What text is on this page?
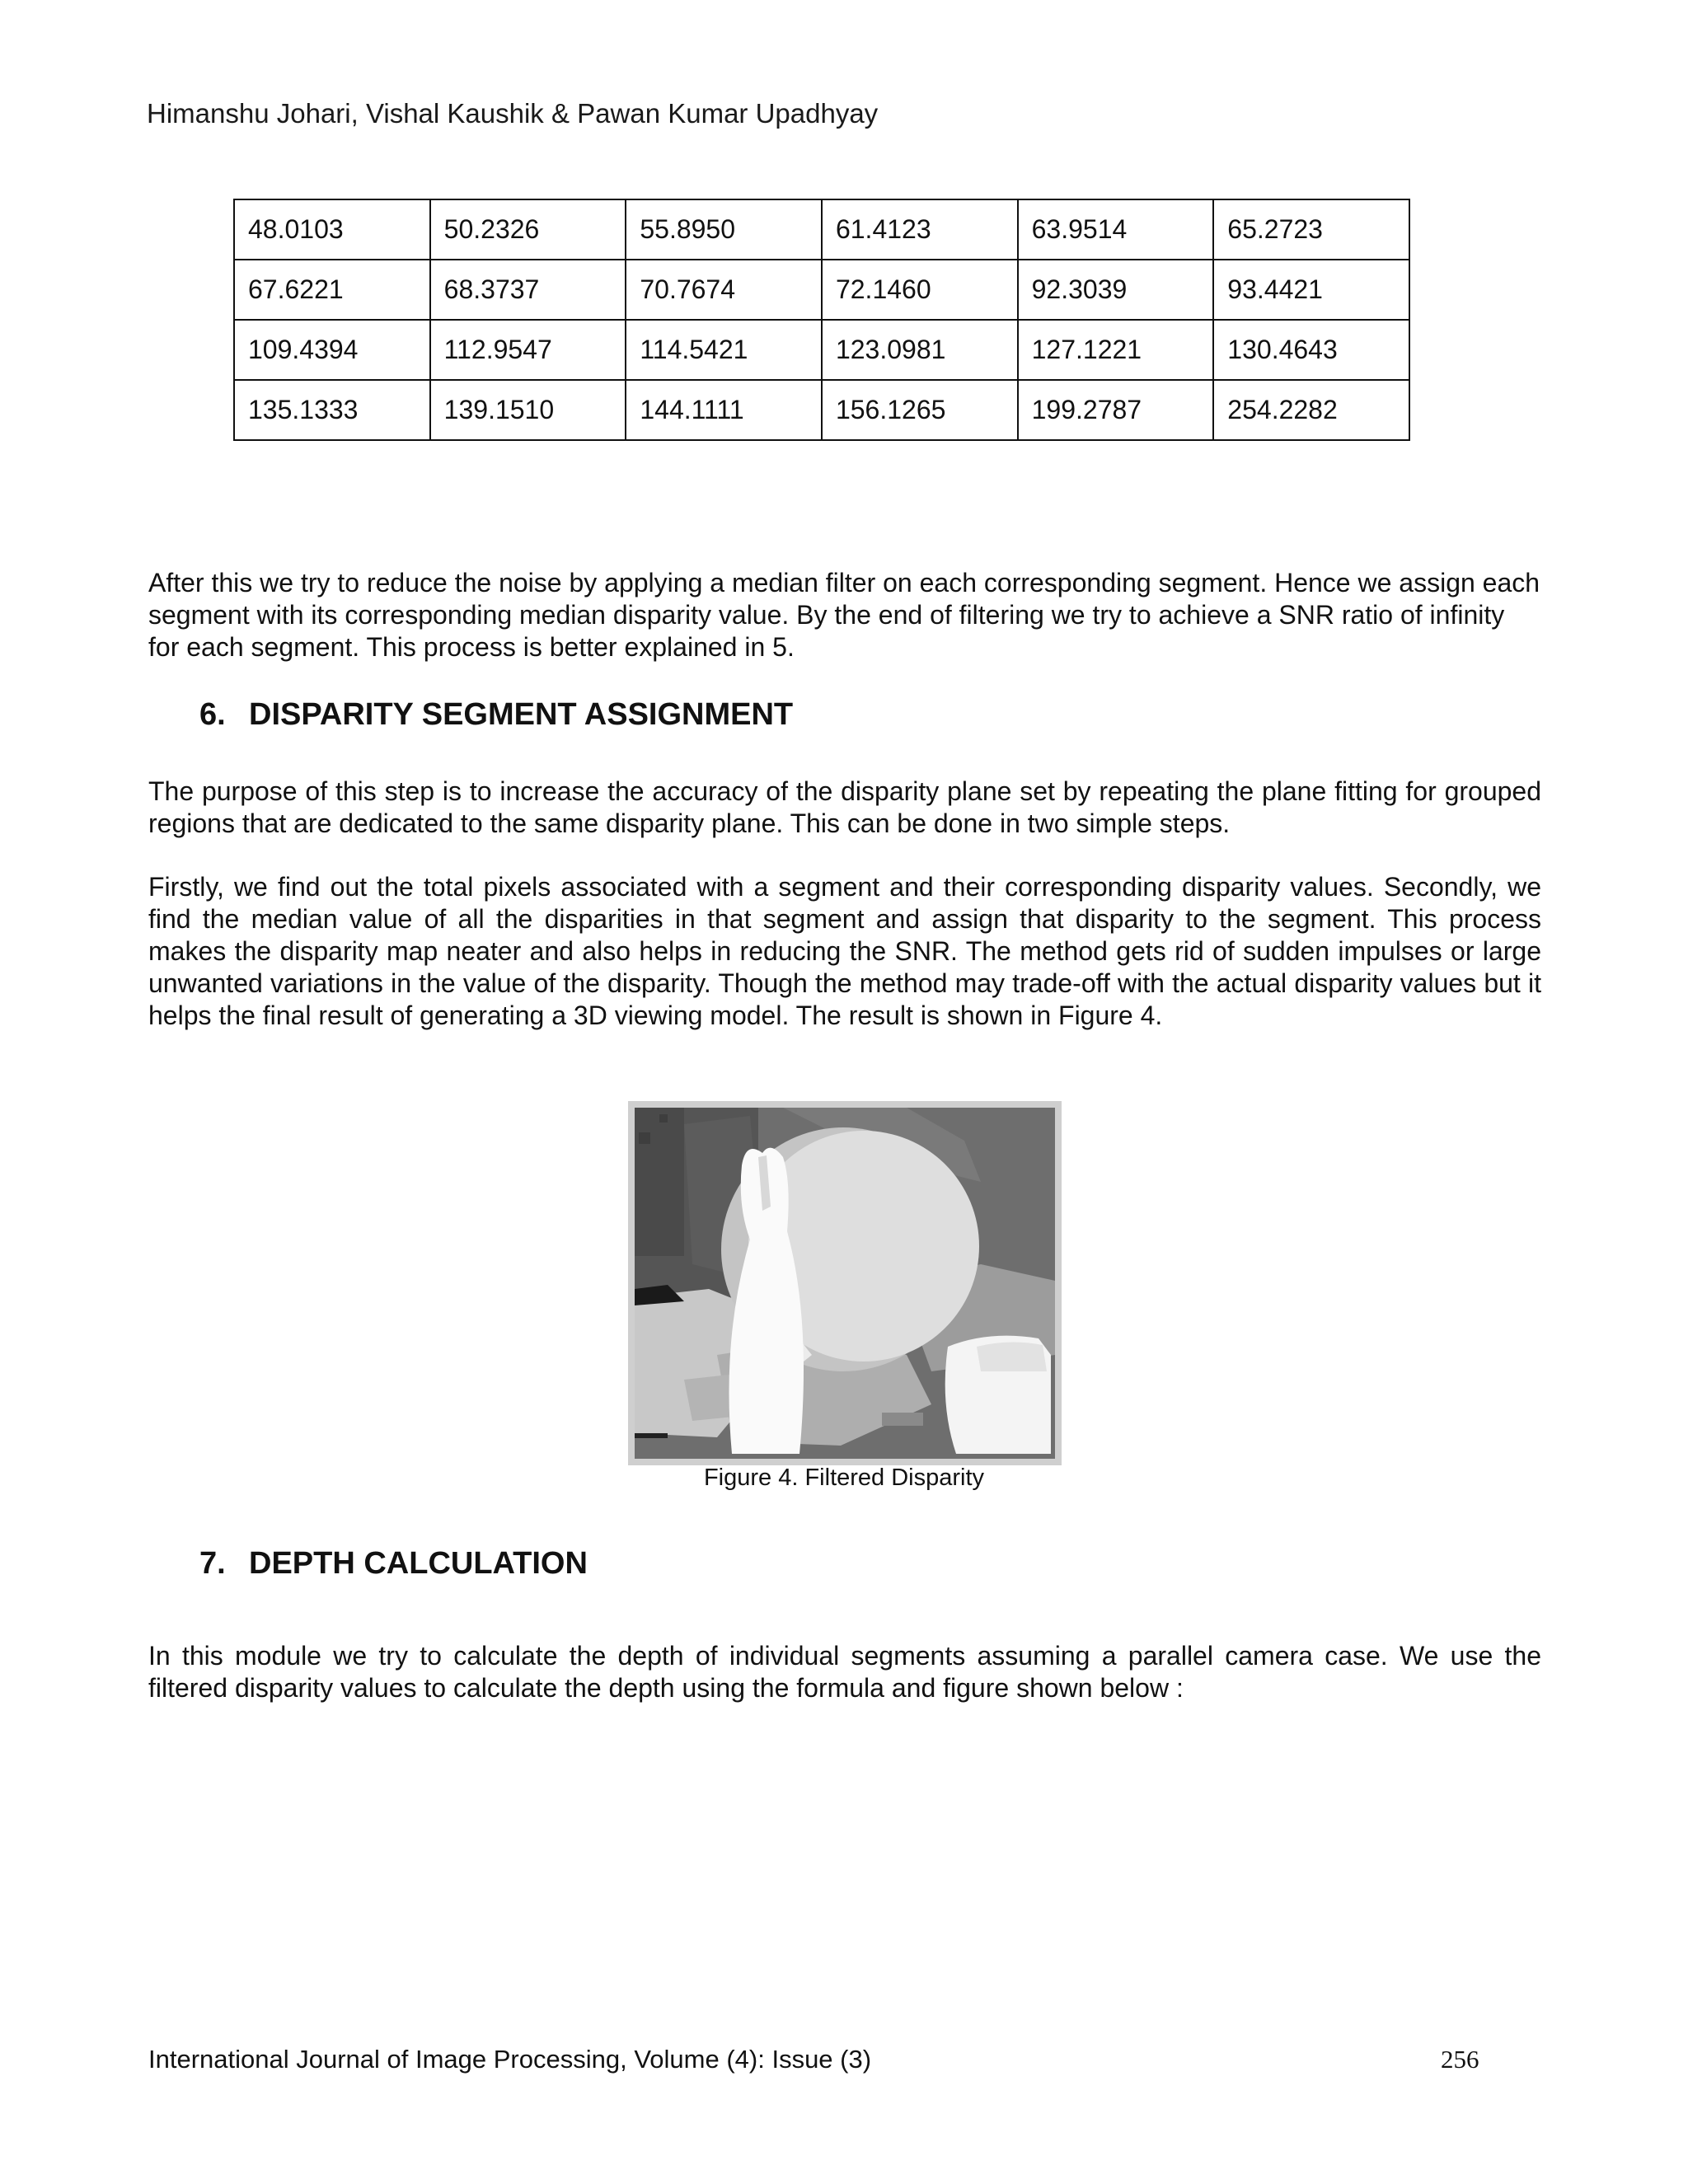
Himanshu Johari, Vishal Kaushik & Pawan Kumar Upadhyay
48.0103	50.2326	55.8950	61.4123	63.9514	65.2723
67.6221	68.3737	70.7674	72.1460	92.3039	93.4421
109.4394	112.9547	114.5421	123.0981	127.1221	130.4643
135.1333	139.1510	144.1111	156.1265	199.2787	254.2282

After this we try to reduce the noise by applying a median filter on each corresponding segment. Hence we assign each segment with its corresponding median disparity value. By the end of filtering we try to achieve a SNR ratio of infinity for each segment. This process is better explained in 5.

6. DISPARITY SEGMENT ASSIGNMENT

The purpose of this step is to increase the accuracy of the disparity plane set by repeating the plane fitting for grouped regions that are dedicated to the same disparity plane. This can be done in two simple steps.

Firstly, we find out the total pixels associated with a segment and their corresponding disparity values. Secondly, we find the median value of all the disparities in that segment and assign that disparity to the segment. This process makes the disparity map neater and also helps in reducing the SNR. The method gets rid of sudden impulses or large unwanted variations in the value of the disparity. Though the method may trade-off with the actual disparity values but it helps the final result of generating a 3D viewing model. The result is shown in Figure 4.

Figure 4. Filtered Disparity
7. DEPTH CALCULATION

In this module we try to calculate the depth of individual segments assuming a parallel camera case. We use the filtered disparity values to calculate the depth using the formula and figure shown below :

International Journal of Image Processing, Volume (4): Issue (3)	256
